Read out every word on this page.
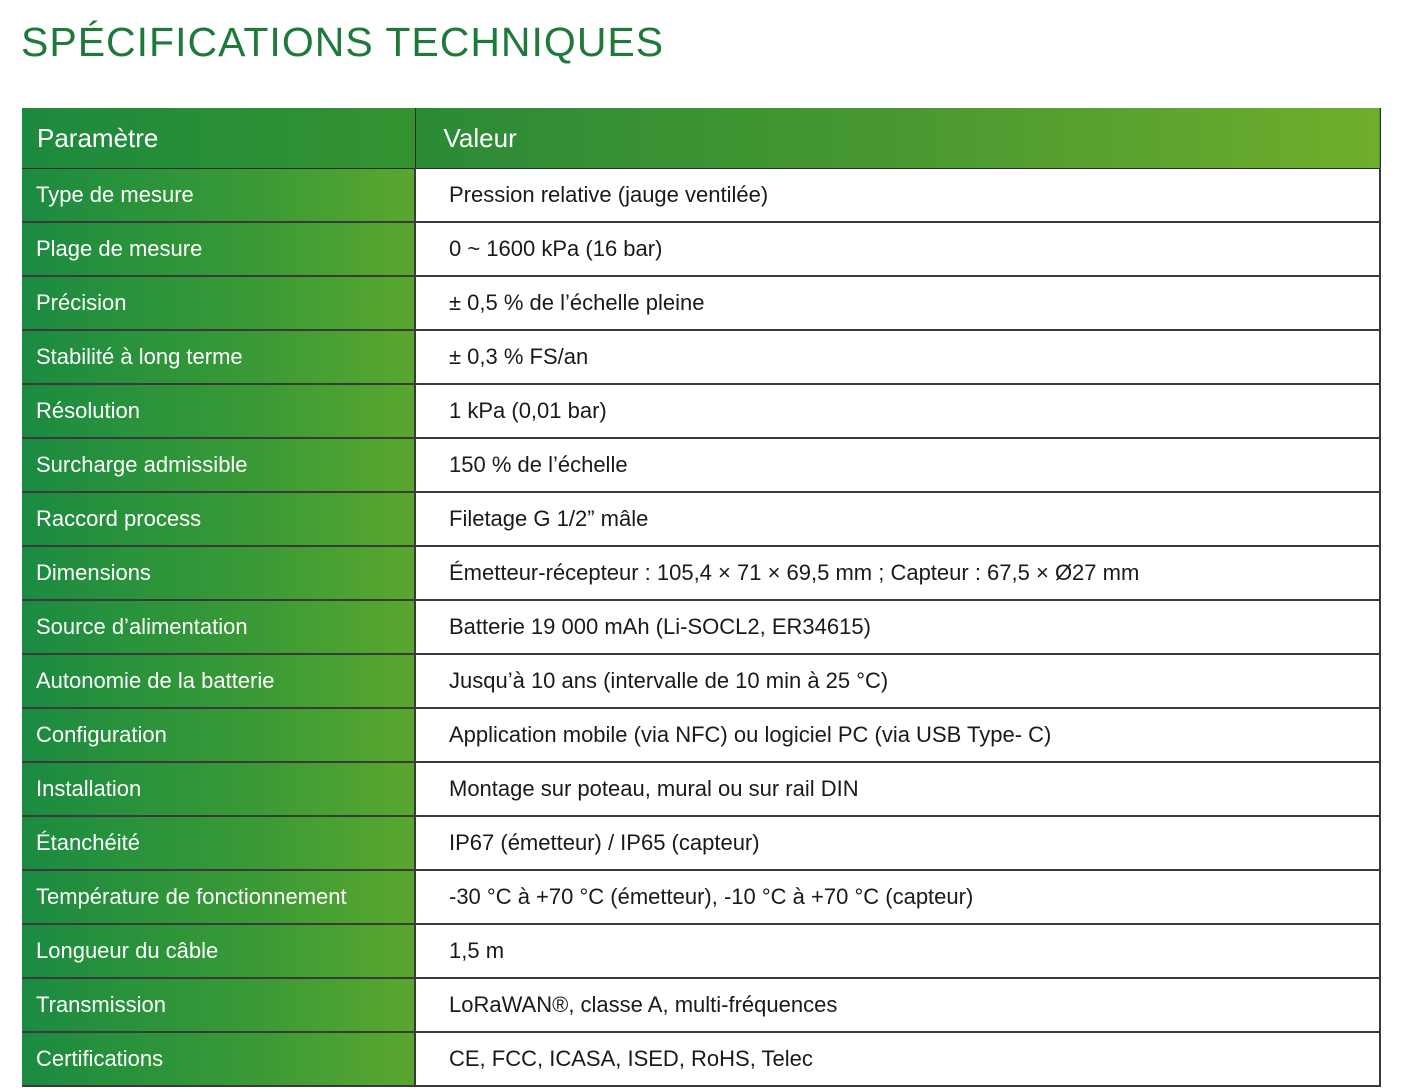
SPÉCIFICATIONS TECHNIQUES
Paramètre	Valeur
Type de mesure	Pression relative (jauge ventilée)
Plage de mesure	0 ~ 1600 kPa (16 bar)
Précision	± 0,5 % de l’échelle pleine
Stabilité à long terme	± 0,3 % FS/an
Résolution	1 kPa (0,01 bar)
Surcharge admissible	150 % de l’échelle
Raccord process	Filetage G 1/2” mâle
Dimensions	Émetteur-récepteur : 105,4 × 71 × 69,5 mm ; Capteur : 67,5 × Ø27 mm
Source d’alimentation	Batterie 19 000 mAh (Li-SOCL2, ER34615)
Autonomie de la batterie	Jusqu’à 10 ans (intervalle de 10 min à 25 °C)
Configuration	Application mobile (via NFC) ou logiciel PC (via USB Type- C)
Installation	Montage sur poteau, mural ou sur rail DIN
Étanchéité	IP67 (émetteur) / IP65 (capteur)
Température de fonctionnement	-30 °C à +70 °C (émetteur), -10 °C à +70 °C (capteur)
Longueur du câble	1,5 m
Transmission	LoRaWAN®, classe A, multi-fréquences
Certifications	CE, FCC, ICASA, ISED, RoHS, Telec
